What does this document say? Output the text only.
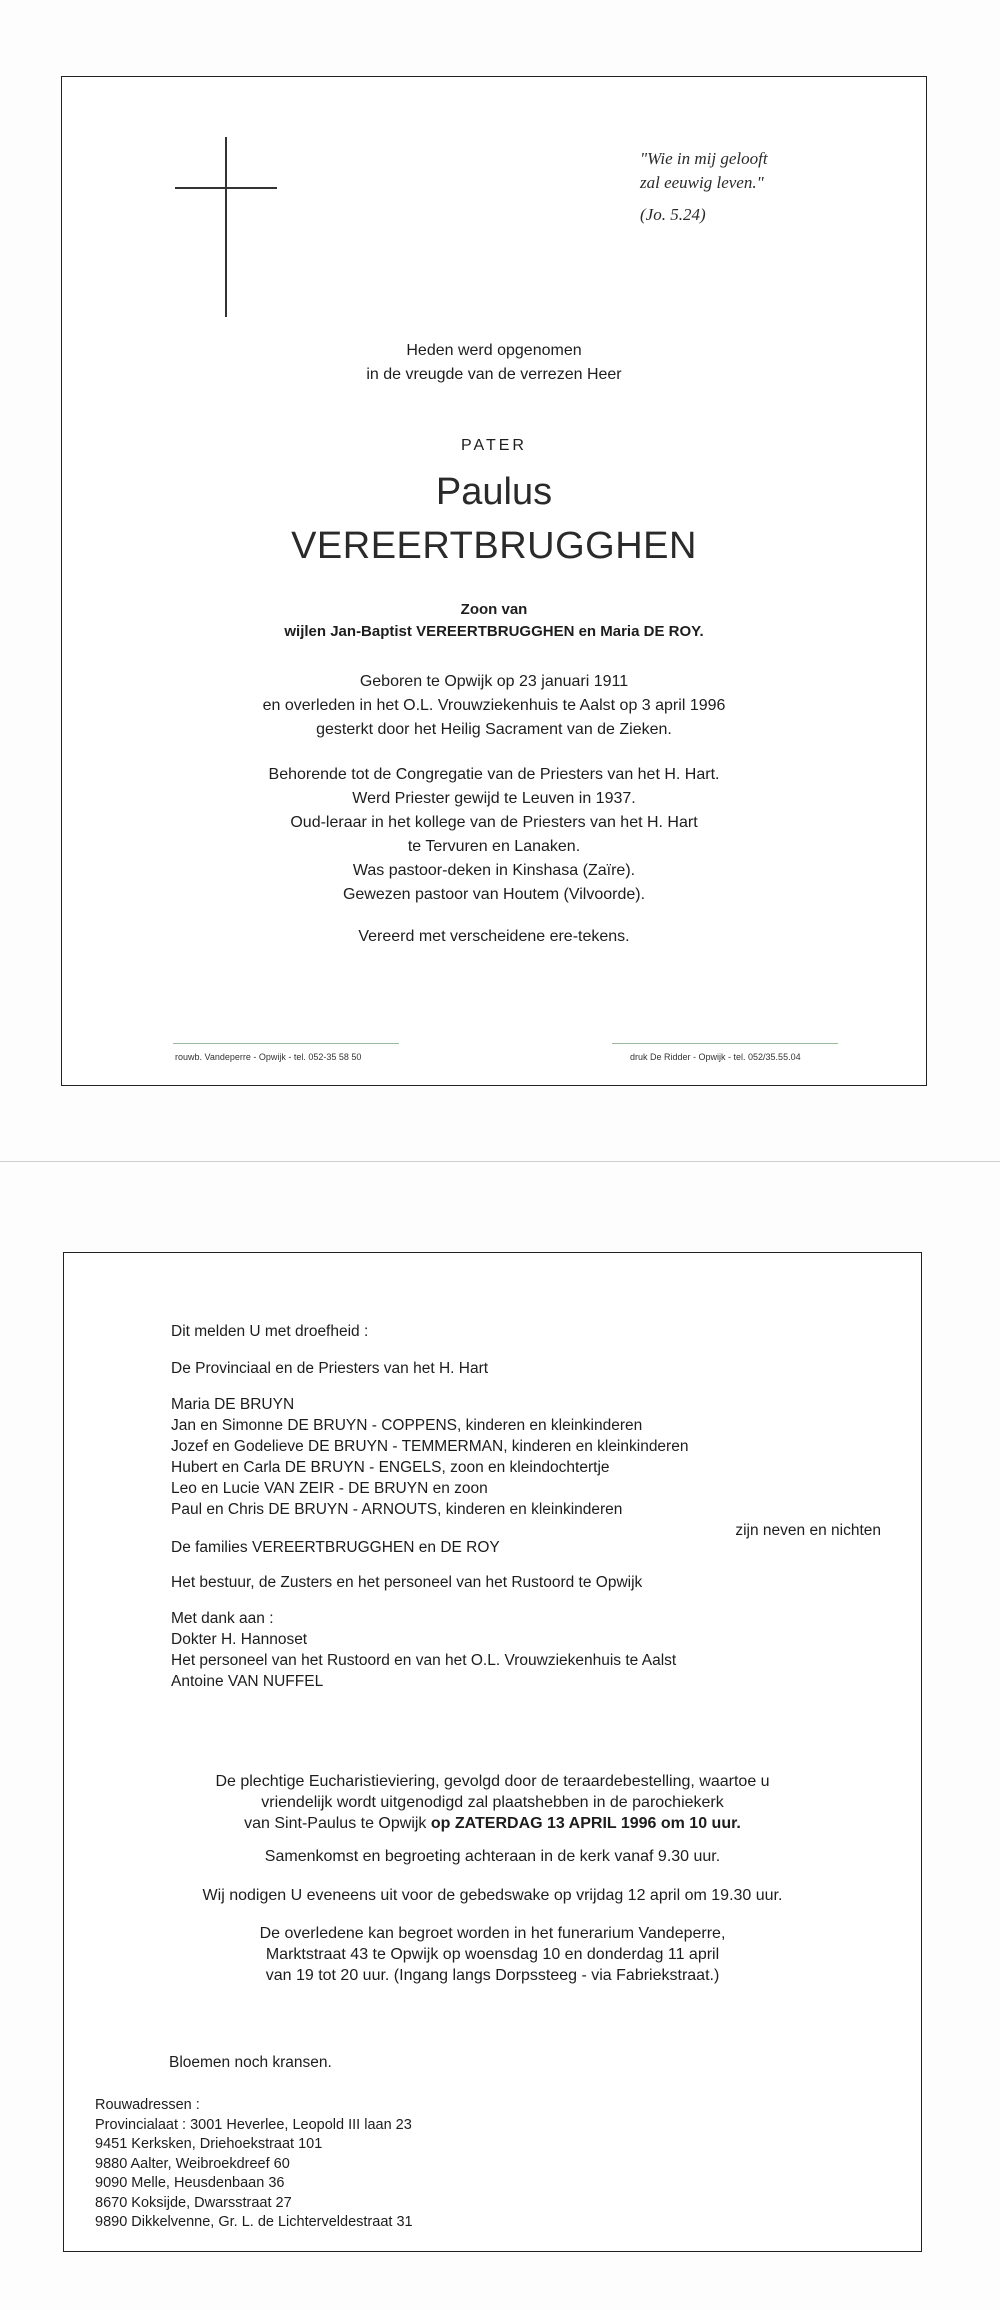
"Wie in mij gelooft
zal eeuwig leven."
(Jo. 5.24)
Heden werd opgenomen
in de vreugde van de verrezen Heer
PATER
Paulus
VEREERTBRUGGHEN
Zoon van
wijlen Jan-Baptist VEREERTBRUGGHEN en Maria DE ROY.
Geboren te Opwijk op 23 januari 1911
en overleden in het O.L. Vrouwziekenhuis te Aalst op 3 april 1996
gesterkt door het Heilig Sacrament van de Zieken.
Behorende tot de Congregatie van de Priesters van het H. Hart.
Werd Priester gewijd te Leuven in 1937.
Oud-leraar in het kollege van de Priesters van het H. Hart
te Tervuren en Lanaken.
Was pastoor-deken in Kinshasa (Zaïre).
Gewezen pastoor van Houtem (Vilvoorde).
Vereerd met verscheidene ere-tekens.
rouwb. Vandeperre - Opwijk - tel. 052-35 58 50	druk De Ridder - Opwijk - tel. 052/35.55.04
Dit melden U met droefheid :
De Provinciaal en de Priesters van het H. Hart
Maria DE BRUYN
Jan en Simonne DE BRUYN - COPPENS, kinderen en kleinkinderen
Jozef en Godelieve DE BRUYN - TEMMERMAN, kinderen en kleinkinderen
Hubert en Carla DE BRUYN - ENGELS, zoon en kleindochtertje
Leo en Lucie VAN ZEIR - DE BRUYN en zoon
Paul en Chris DE BRUYN - ARNOUTS, kinderen en kleinkinderen
zijn neven en nichten
De families VEREERTBRUGGHEN en DE ROY
Het bestuur, de Zusters en het personeel van het Rustoord te Opwijk
Met dank aan :
Dokter H. Hannoset
Het personeel van het Rustoord en van het O.L. Vrouwziekenhuis te Aalst
Antoine VAN NUFFEL
De plechtige Eucharistieviering, gevolgd door de teraardebestelling, waartoe u
vriendelijk wordt uitgenodigd zal plaatshebben in de parochiekerk
van Sint-Paulus te Opwijk op ZATERDAG 13 APRIL 1996 om 10 uur.
Samenkomst en begroeting achteraan in de kerk vanaf 9.30 uur.
Wij nodigen U eveneens uit voor de gebedswake op vrijdag 12 april om 19.30 uur.
De overledene kan begroet worden in het funerarium Vandeperre,
Marktstraat 43 te Opwijk op woensdag 10 en donderdag 11 april
van 19 tot 20 uur. (Ingang langs Dorpssteeg - via Fabriekstraat.)
Bloemen noch kransen.
Rouwadressen :
Provincialaat : 3001 Heverlee, Leopold III laan 23
9451 Kerksken, Driehoekstraat 101
9880 Aalter, Weibroekdreef 60
9090 Melle, Heusdenbaan 36
8670 Koksijde, Dwarsstraat 27
9890 Dikkelvenne, Gr. L. de Lichterveldestraat 31
